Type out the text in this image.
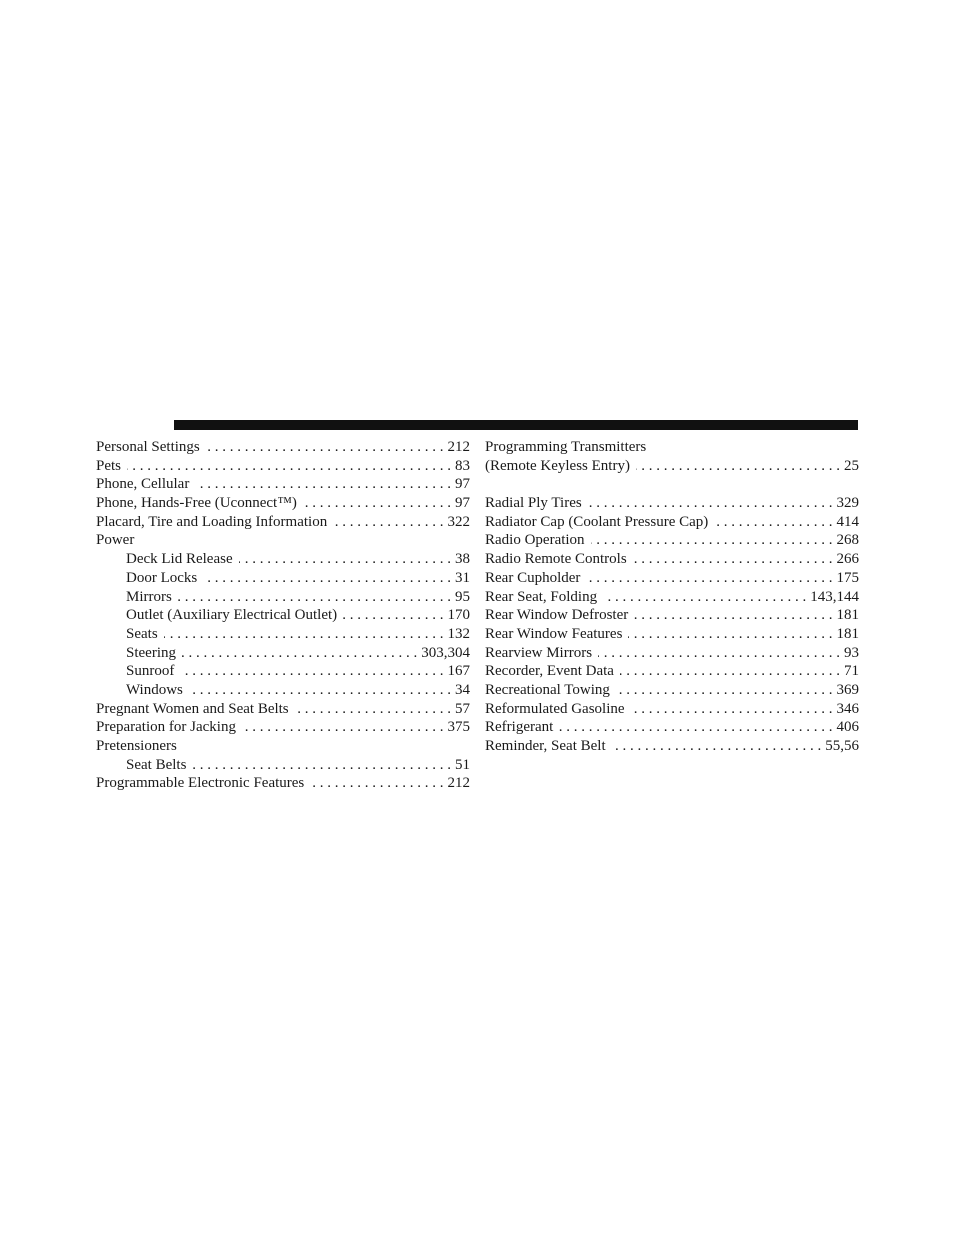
Personal Settings . . .	212
Pets . . .	83
Phone, Cellular . . .	97
Phone, Hands-Free (Uconnect™) . . .	97
Placard, Tire and Loading Information . . .	322
Power
Deck Lid Release . . .	38
Door Locks . . .	31
Mirrors . . .	95
Outlet (Auxiliary Electrical Outlet) . . .	170
Seats . . .	132
Steering . . .	303,304
Sunroof . . .	167
Windows . . .	34
Pregnant Women and Seat Belts . . .	57
Preparation for Jacking . . .	375
Pretensioners
Seat Belts . . .	51
Programmable Electronic Features . . .	212
Programming Transmitters
(Remote Keyless Entry) . . .	25
Radial Ply Tires . . .	329
Radiator Cap (Coolant Pressure Cap) . . .	414
Radio Operation . . .	268
Radio Remote Controls . . .	266
Rear Cupholder . . .	175
Rear Seat, Folding . . .	143,144
Rear Window Defroster . . .	181
Rear Window Features . . .	181
Rearview Mirrors . . .	93
Recorder, Event Data . . .	71
Recreational Towing . . .	369
Reformulated Gasoline . . .	346
Refrigerant . . .	406
Reminder, Seat Belt . . .	55,56
